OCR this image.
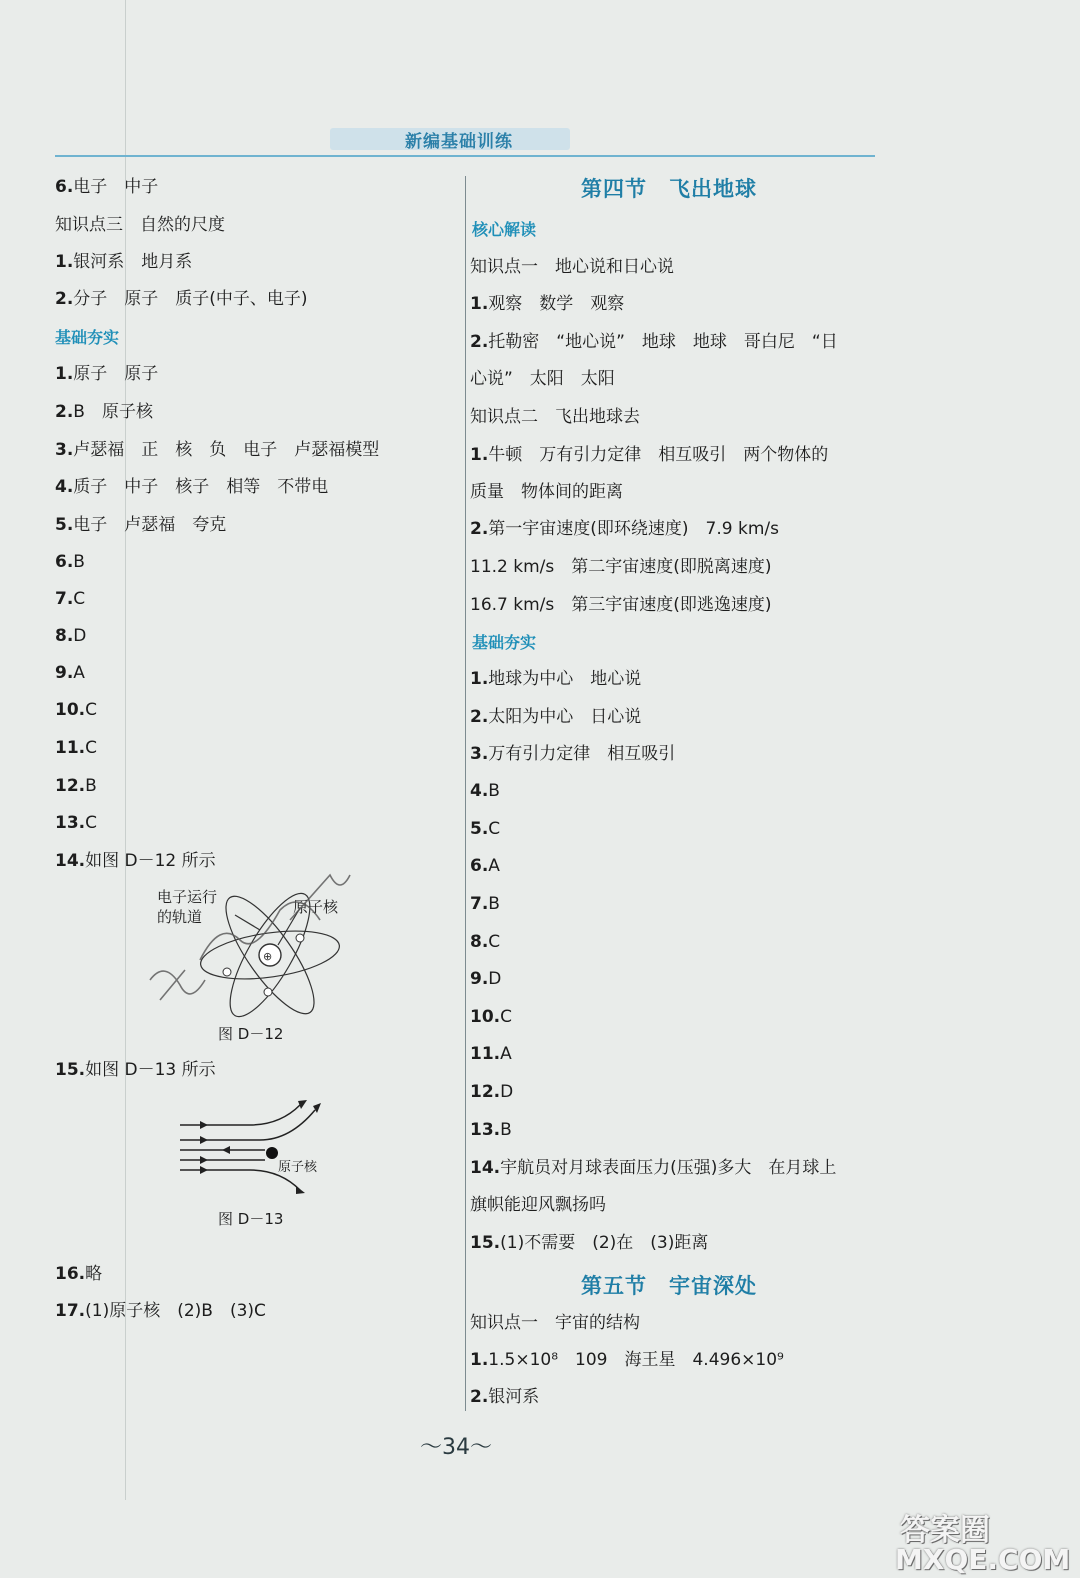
新编基础训练
6.电子　中子
知识点三　自然的尺度
1.银河系　地月系
2.分子　原子　质子(中子、电子)
基础夯实
1.原子　原子
2.B　原子核
3.卢瑟福　正　核　负　电子　卢瑟福模型
4.质子　中子　核子　相等　不带电
5.电子　卢瑟福　夸克
6.B
7.C
8.D
9.A
10.C
11.C
12.B
13.C
14.如图 D－12 所示
电子运行
的轨道
原子核
⊕
图 D－12
15.如图 D－13 所示
原子核
图 D－13
16.略
17.(1)原子核　(2)B　(3)C
第四节　飞出地球
核心解读
知识点一　地心说和日心说
1.观察　数学　观察
2.托勒密　“地心说”　地球　地球　哥白尼　“日
心说”　太阳　太阳
知识点二　飞出地球去
1.牛顿　万有引力定律　相互吸引　两个物体的
质量　物体间的距离
2.第一宇宙速度(即环绕速度)　7.9 km/s
11.2 km/s　第二宇宙速度(即脱离速度)
16.7 km/s　第三宇宙速度(即逃逸速度)
基础夯实
1.地球为中心　地心说
2.太阳为中心　日心说
3.万有引力定律　相互吸引
4.B
5.C
6.A
7.B
8.C
9.D
10.C
11.A
12.D
13.B
14.宇航员对月球表面压力(压强)多大　在月球上
旗帜能迎风飘扬吗
15.(1)不需要　(2)在　(3)距离
第五节　宇宙深处
知识点一　宇宙的结构
1.1.5×10⁸　109　海王星　4.496×10⁹
2.银河系
～34～
答案圈
MXQE.COM
